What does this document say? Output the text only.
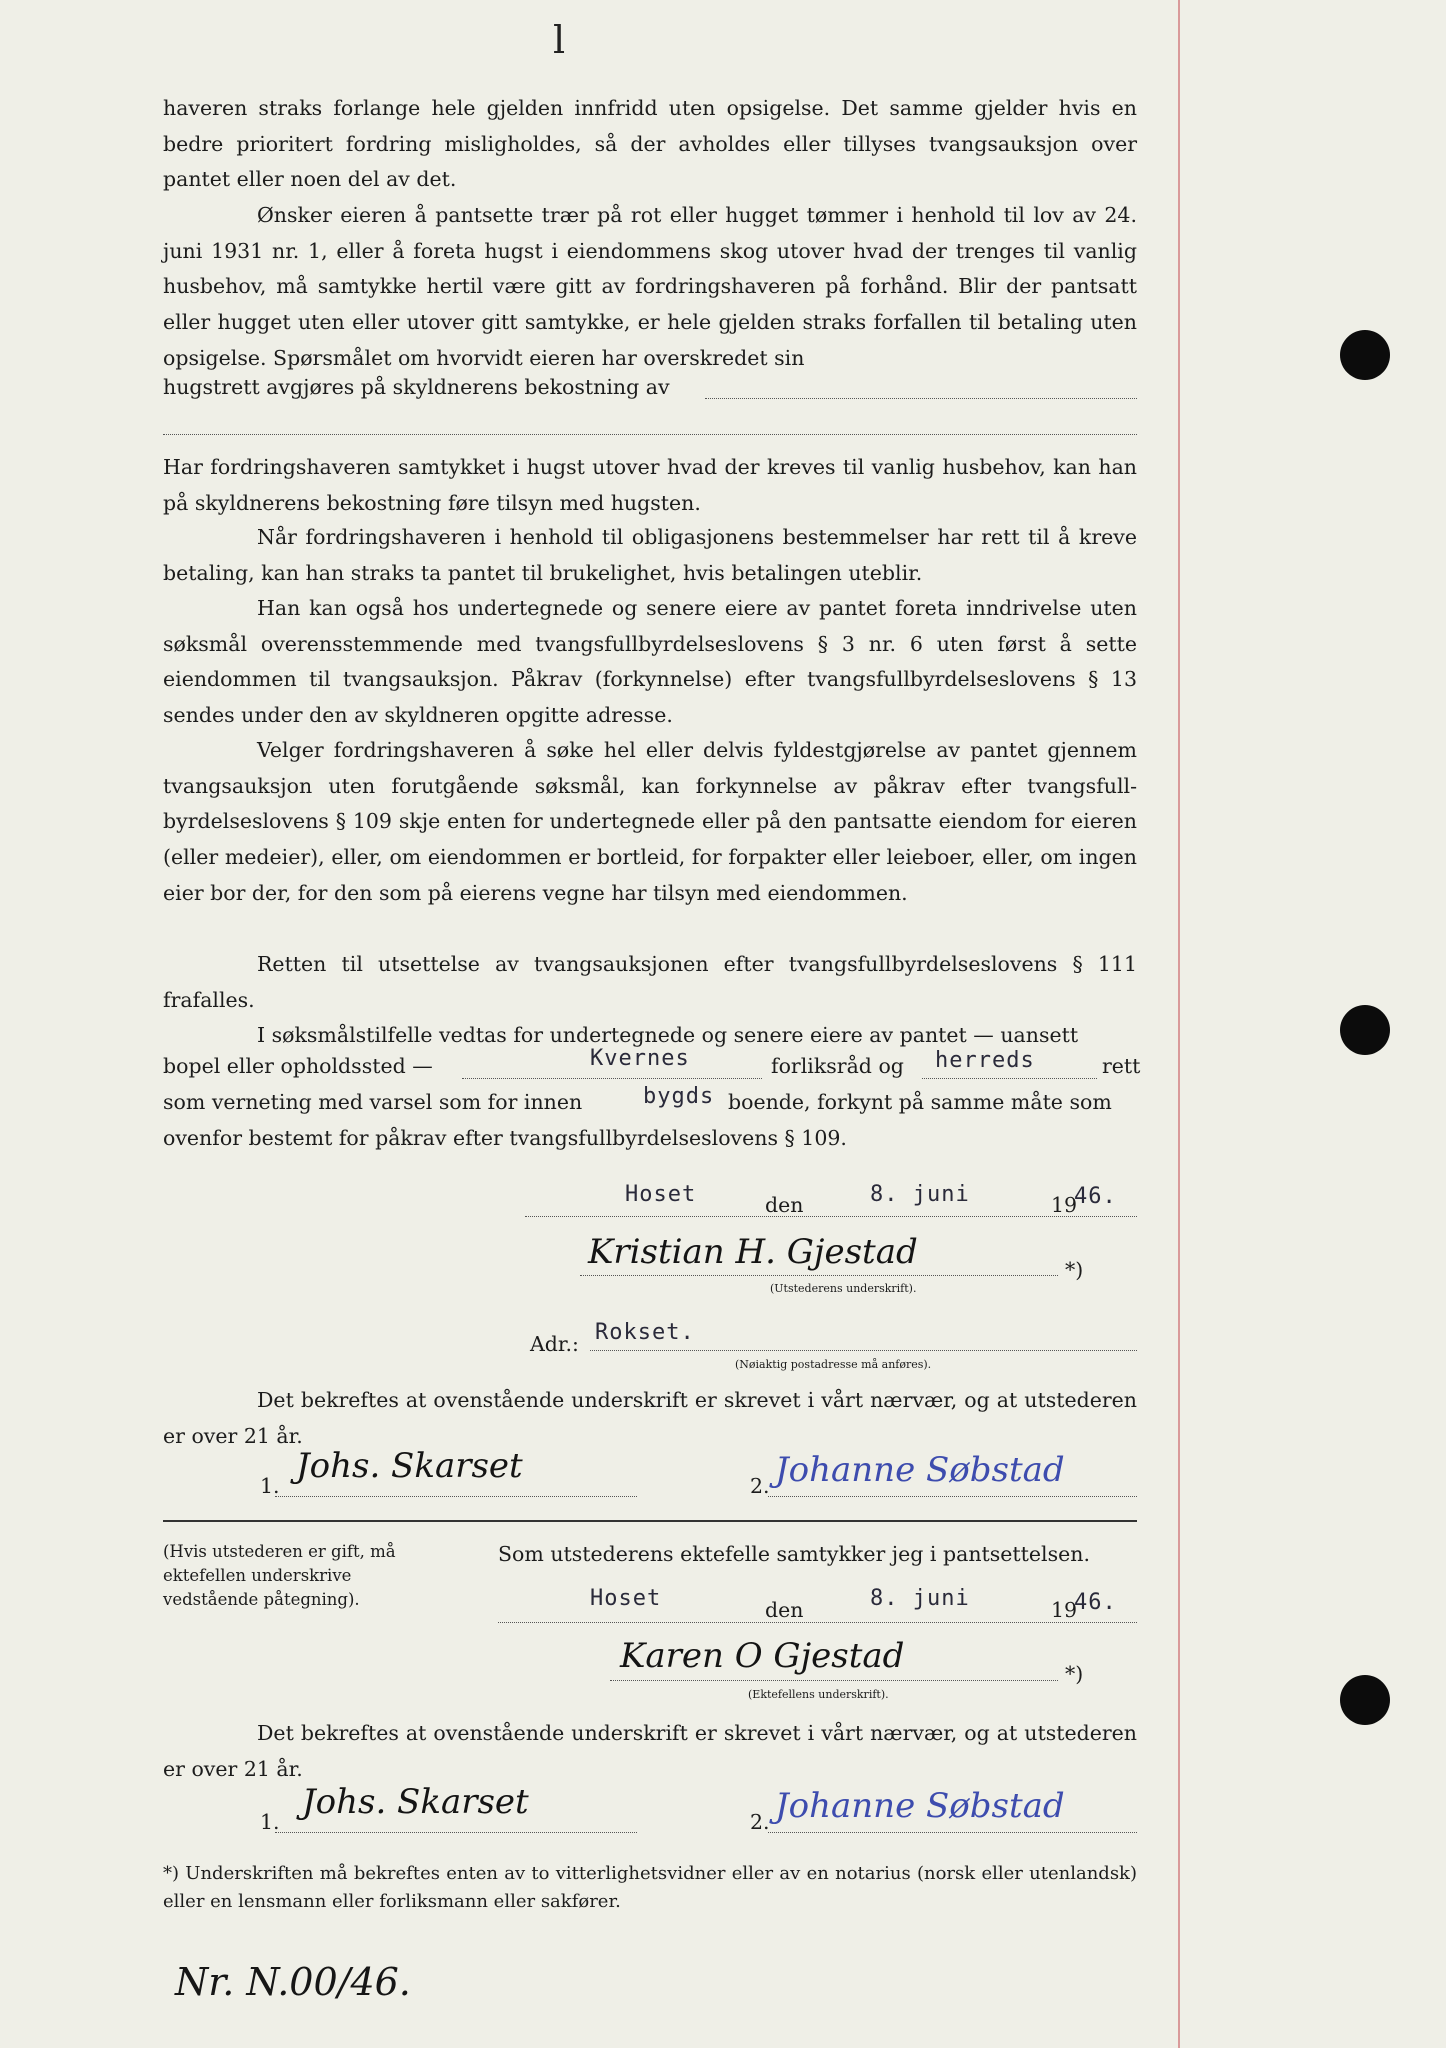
l

haveren straks forlange hele gjelden innfridd uten opsigelse. Det samme gjelder hvis en bedre prioritert fordring misligholdes, så der avholdes eller tillyses tvangsauksjon over pantet eller noen del av det.

Ønsker eieren å pantsette trær på rot eller hugget tømmer i henhold til lov av 24. juni 1931 nr. 1, eller å foreta hugst i eiendommens skog utover hvad der trenges til vanlig husbehov, må samtykke hertil være gitt av fordringshaveren på forhånd. Blir der pantsatt eller hugget uten eller utover gitt samtykke, er hele gjelden straks forfallen til betaling uten opsigelse. Spørsmålet om hvorvidt eieren har overskredet sin

hugstrett avgjøres på skyldnerens bekostning av

Har fordringshaveren samtykket i hugst utover hvad der kreves til vanlig husbehov, kan han på skyldnerens bekostning føre tilsyn med hugsten.

Når fordringshaveren i henhold til obligasjonens bestemmelser har rett til å kreve betaling, kan han straks ta pantet til brukelighet, hvis betalingen uteblir.

Han kan også hos undertegnede og senere eiere av pantet foreta inndrivelse uten søksmål overensstemmende med tvangsfullbyrdelseslovens § 3 nr. 6 uten først å sette eiendommen til tvangsauksjon. Påkrav (forkynnelse) efter tvangsfullbyrdelseslovens § 13 sendes under den av skyldneren opgitte adresse.

Velger fordringshaveren å søke hel eller delvis fyldestgjørelse av pantet gjennem tvangsauksjon uten forutgående søksmål, kan forkynnelse av påkrav efter tvangsfullbyrdelseslovens § 109 skje enten for undertegnede eller på den pantsatte eiendom for eieren (eller medeier), eller, om eiendommen er bortleid, for forpakter eller leieboer, eller, om ingen eier bor der, for den som på eierens vegne har tilsyn med eiendommen.

Retten til utsettelse av tvangsauksjonen efter tvangsfullbyrdelseslovens § 111 frafalles.

I søksmålstilfelle vedtas for undertegnede og senere eiere av pantet — uansett

bopel eller opholdssted —	Kvernes	forliksråd og herreds	rett
som verneting med varsel som for innen	bygds boende, forkynt på samme måte som
ovenfor bestemt for påkrav efter tvangsfullbyrdelseslovens § 109.
Hoset	den	8. juni	19
46.
Kristian H. Gjestad	*)
(Utstederens underskrift).
Adr.: Rokset.
(Nøiaktig postadresse må anføres).

Det bekreftes at ovenstående underskrift er skrevet i vårt nærvær, og at utstederen er over 21 år.

1. Johs. Skarset	2. Johanne Søbstad

(Hvis utstederen er gift, må ektefellen underskrive vedstående påtegning).

Som utstederens ektefelle samtykker jeg i pantsettelsen.
Hoset	den	8. juni	19
46.
Karen O Gjestad	*)
(Ektefellens underskrift).

Det bekreftes at ovenstående underskrift er skrevet i vårt nærvær, og at utstederen er over 21 år.

1. Johs. Skarset	2. Johanne Søbstad

*) Underskriften må bekreftes enten av to vitterlighetsvidner eller av en notarius (norsk eller utenlandsk) eller en lensmann eller forliksmann eller sakfører.

Nr. N.00/46.
